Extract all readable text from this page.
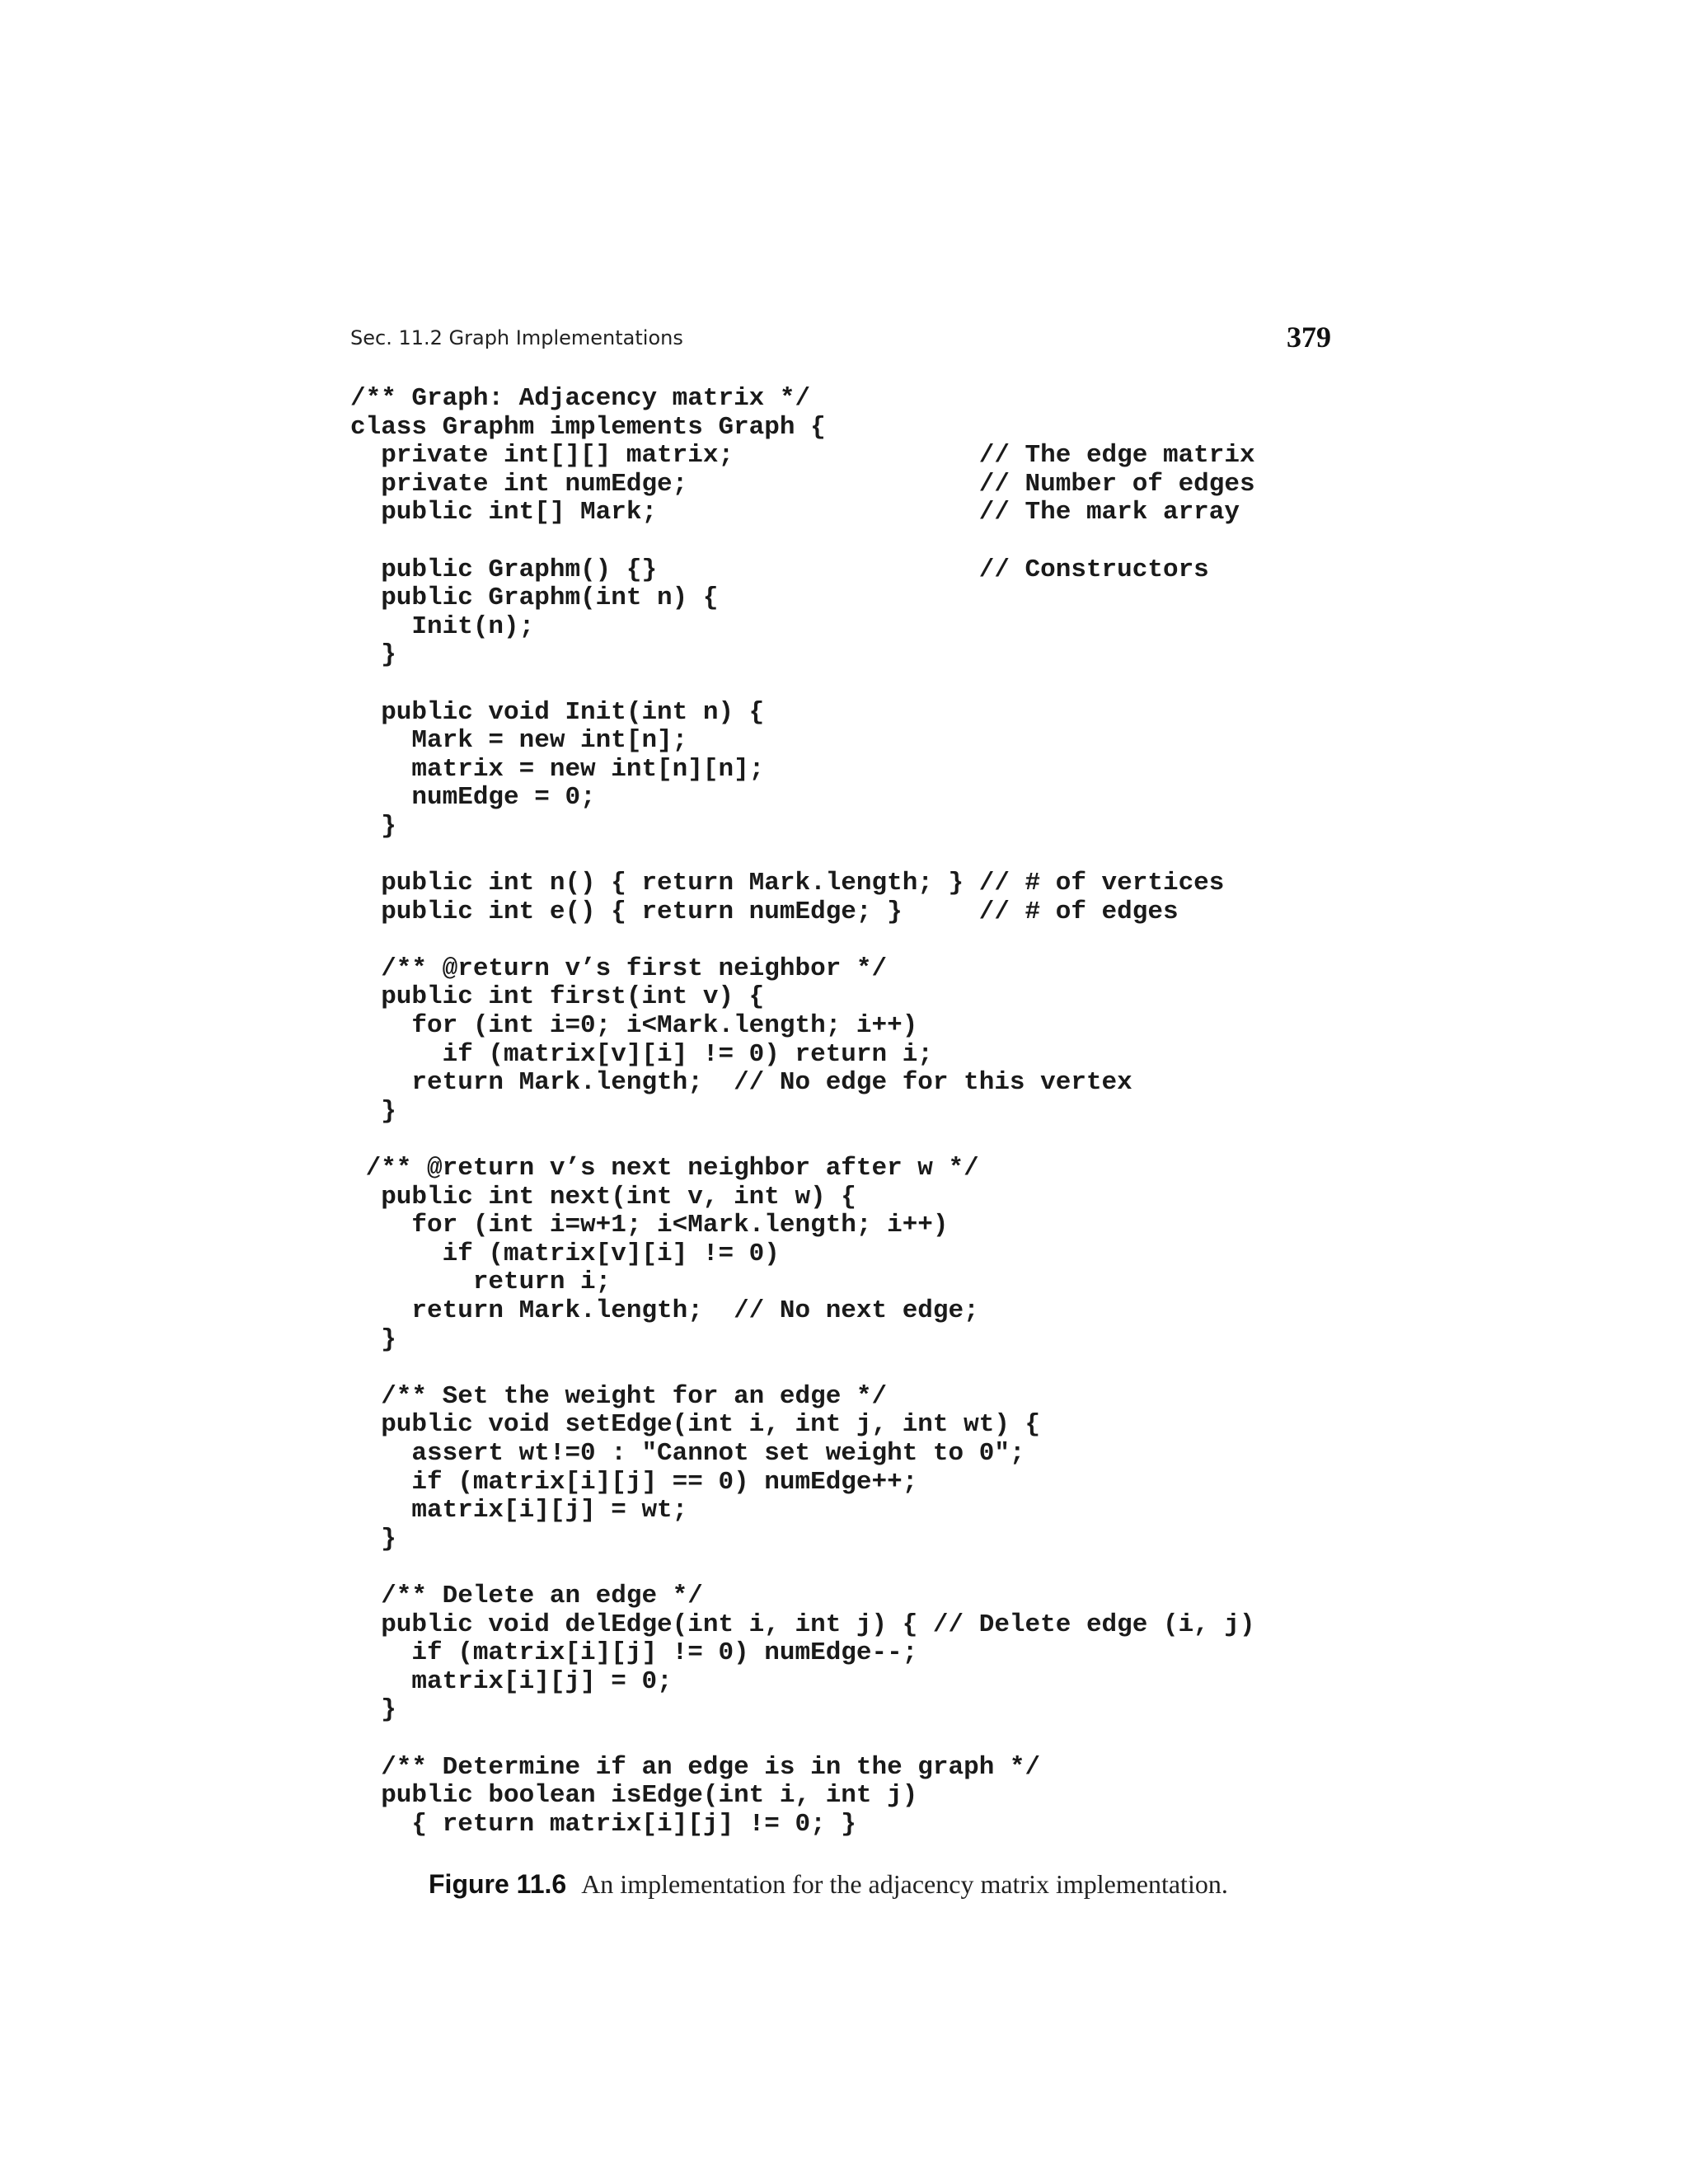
Sec. 11.2 Graph Implementations	379
/** Graph: Adjacency matrix */
class Graphm implements Graph {
private int[][] matrix;                // The edge matrix
private int numEdge;                   // Number of edges
public int[] Mark;                     // The mark array
public Graphm() {}                     // Constructors
public Graphm(int n) {
Init(n);
}
public void Init(int n) {
Mark = new int[n];
matrix = new int[n][n];
numEdge = 0;
}
public int n() { return Mark.length; } // # of vertices
public int e() { return numEdge; }     // # of edges
/** @return v’s first neighbor */
public int first(int v) {
for (int i=0; i<Mark.length; i++)
if (matrix[v][i] != 0) return i;
return Mark.length;  // No edge for this vertex
}
/** @return v’s next neighbor after w */
public int next(int v, int w) {
for (int i=w+1; i<Mark.length; i++)
if (matrix[v][i] != 0)
return i;
return Mark.length;  // No next edge;
}
/** Set the weight for an edge */
public void setEdge(int i, int j, int wt) {
assert wt!=0 : "Cannot set weight to 0";
if (matrix[i][j] == 0) numEdge++;
matrix[i][j] = wt;
}
/** Delete an edge */
public void delEdge(int i, int j) { // Delete edge (i, j)
if (matrix[i][j] != 0) numEdge--;
matrix[i][j] = 0;
}
/** Determine if an edge is in the graph */
public boolean isEdge(int i, int j)
{ return matrix[i][j] != 0; }
Figure 11.6 An implementation for the adjacency matrix implementation.
